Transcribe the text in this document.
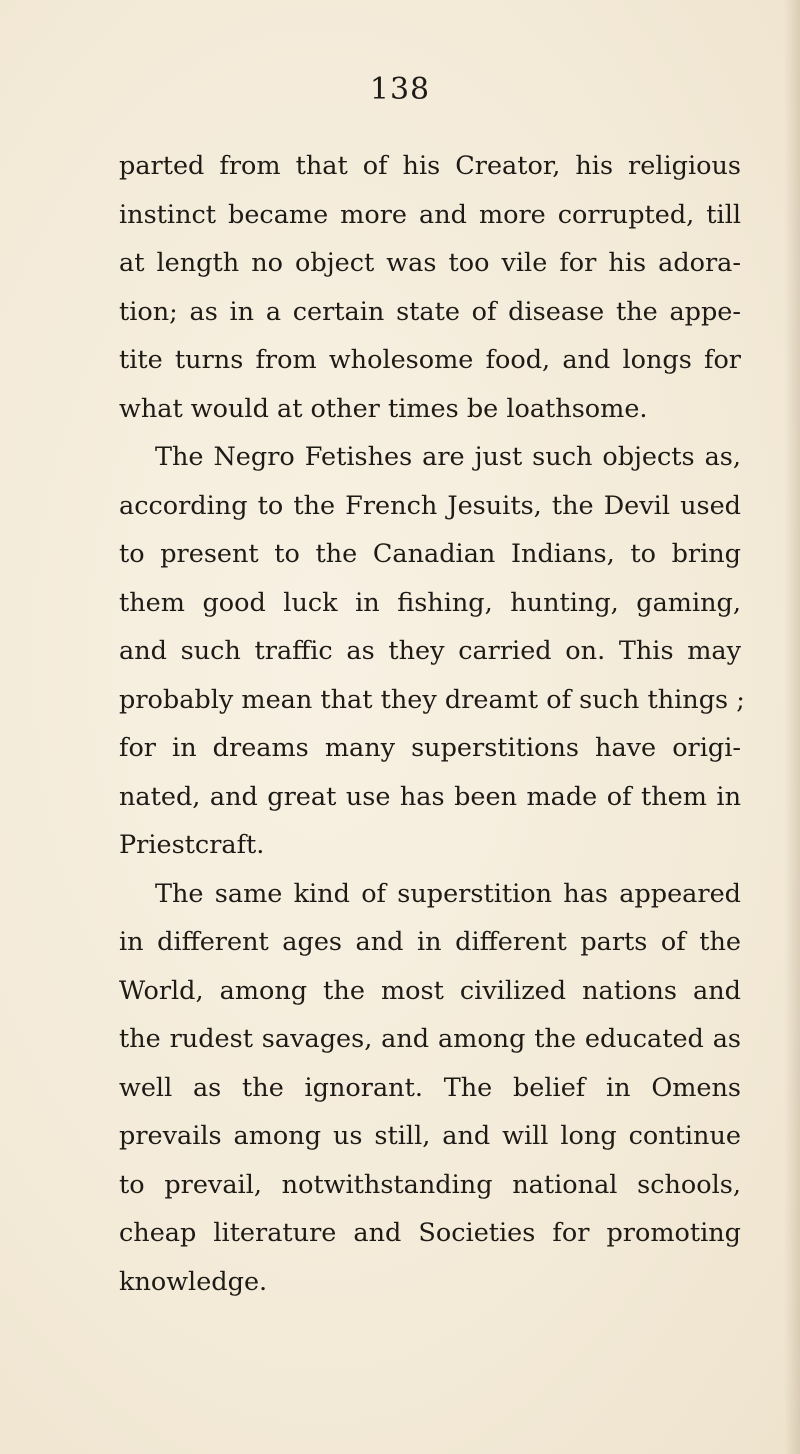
138
parted from that of his Creator, his religious
instinct became more and more corrupted, till
at length no object was too vile for his adora-
tion; as in a certain state of disease the appe-
tite turns from wholesome food, and longs for
what would at other times be loathsome.
The Negro Fetishes are just such objects as,
according to the French Jesuits, the Devil used
to present to the Canadian Indians, to bring
them good luck in fishing, hunting, gaming,
and such traffic as they carried on. This may
probably mean that they dreamt of such things ;
for in dreams many superstitions have origi-
nated, and great use has been made of them in
Priestcraft.
The same kind of superstition has appeared
in different ages and in different parts of the
World, among the most civilized nations and
the rudest savages, and among the educated as
well as the ignorant. The belief in Omens
prevails among us still, and will long continue
to prevail, notwithstanding national schools,
cheap literature and Societies for promoting
knowledge.
